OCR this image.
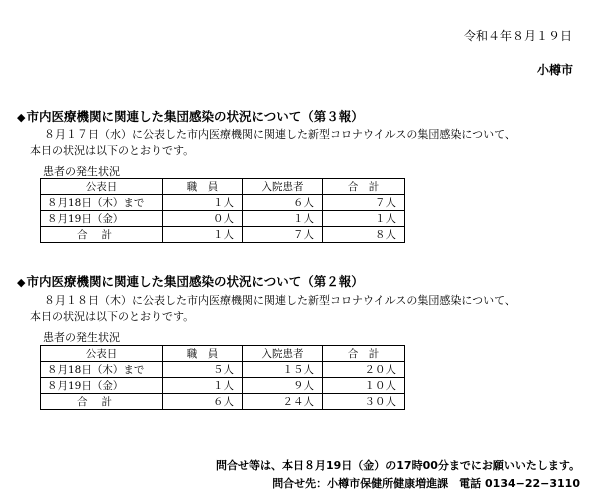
令和４年８月１９日
小樽市
◆市内医療機関に関連した集団感染の状況について（第３報）
８月１７日（水）に公表した市内医療機関に関連した新型コロナウイルスの集団感染について、
本日の状況は以下のとおりです。
患者の発生状況
公表日	職　員	入院患者	合　計
８月18日（木）まで	１人	６人	７人
８月19日（金）	０人	１人	１人
合計	１人	７人	８人
◆市内医療機関に関連した集団感染の状況について（第２報）
８月１８日（木）に公表した市内医療機関に関連した新型コロナウイルスの集団感染について、
本日の状況は以下のとおりです。
患者の発生状況
公表日	職　員	入院患者	合　計
８月18日（木）まで	５人	１５人	２０人
８月19日（金）	１人	９人	１０人
合計	６人	２４人	３０人
問合せ等は、本日８月19日（金）の17時00分までにお願いいたします。
問合せ先：小樽市保健所健康増進課　電話 0134−22−3110
